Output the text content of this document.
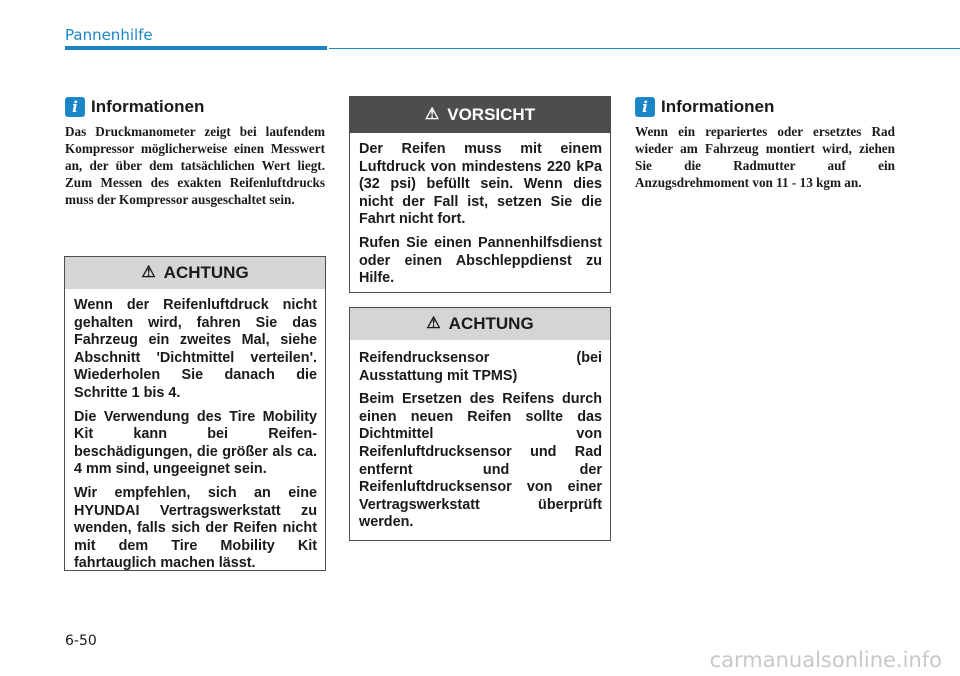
Pannenhilfe
i Informationen
Das Druckmanometer zeigt bei laufendem Kompressor möglicherweise einen Messwert an, der über dem tatsächlichen Wert liegt. Zum Messen des exakten Reifenluftdrucks muss der Kompressor ausgeschaltet sein.
⚠ ACHTUNG

Wenn der Reifenluftdruck nicht gehalten wird, fahren Sie das Fahrzeug ein zweites Mal, siehe Abschnitt 'Dichtmittel verteilen'. Wiederholen Sie danach die Schritte 1 bis 4.

Die Verwendung des Tire Mobility Kit kann bei Reifen-beschädigungen, die größer als ca. 4 mm sind, ungeeignet sein.

Wir empfehlen, sich an eine HYUNDAI Vertragswerkstatt zu wenden, falls sich der Reifen nicht mit dem Tire Mobility Kit fahrtauglich machen lässt.

⚠ VORSICHT

Der Reifen muss mit einem Luftdruck von mindestens 220 kPa (32 psi) befüllt sein. Wenn dies nicht der Fall ist, setzen Sie die Fahrt nicht fort.

Rufen Sie einen Pannenhilfsdienst oder einen Abschleppdienst zu Hilfe.

⚠ ACHTUNG

Reifendrucksensor (bei Ausstattung mit TPMS)

Beim Ersetzen des Reifens durch einen neuen Reifen sollte das Dichtmittel von Reifenluftdrucksensor und Rad entfernt und der Reifenluftdrucksensor von einer Vertragswerkstatt überprüft werden.

i Informationen
Wenn ein repariertes oder ersetztes Rad wieder am Fahrzeug montiert wird, ziehen Sie die Radmutter auf ein Anzugsdrehmoment von 11 - 13 kgm an.
6-50
carmanualsonline.info
